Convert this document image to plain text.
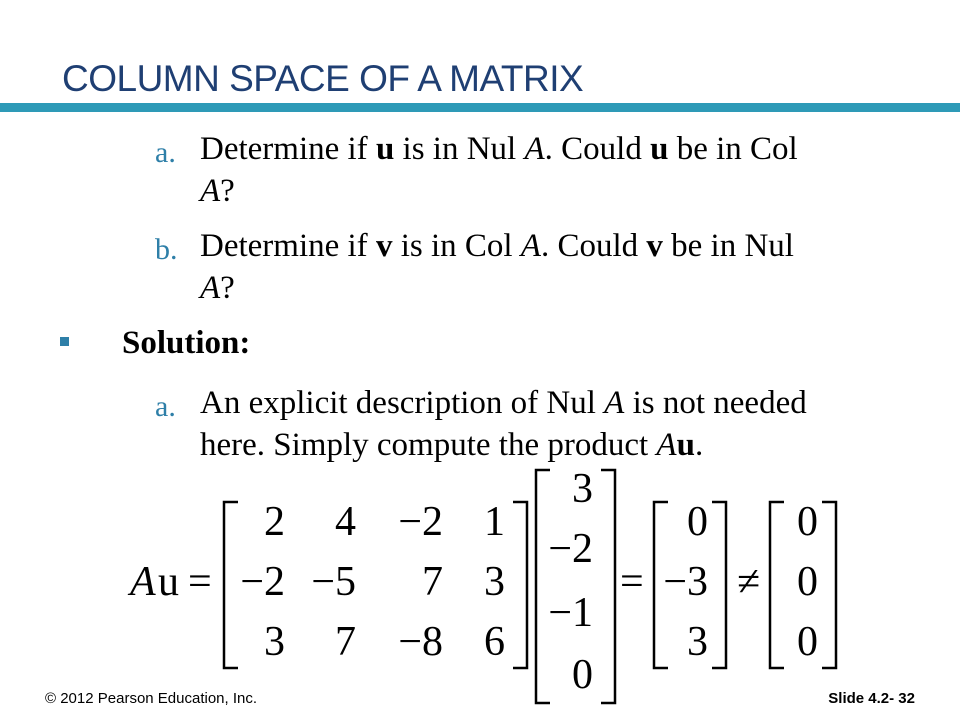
COLUMN SPACE OF A MATRIX
a. Determine if u is in Nul A. Could u be in Col
A?
b. Determine if v is in Col A. Could v be in Nul
A?
Solution:
a. An explicit description of Nul A is not needed
here. Simply compute the product Au.
A u =	= ≠
2 4 −2 1
−2 −5 7 3
3 7 −8 6
3
−2
−1
0
0
−3
3
0
0
0
© 2012 Pearson Education, Inc.	Slide 4.2- 32
